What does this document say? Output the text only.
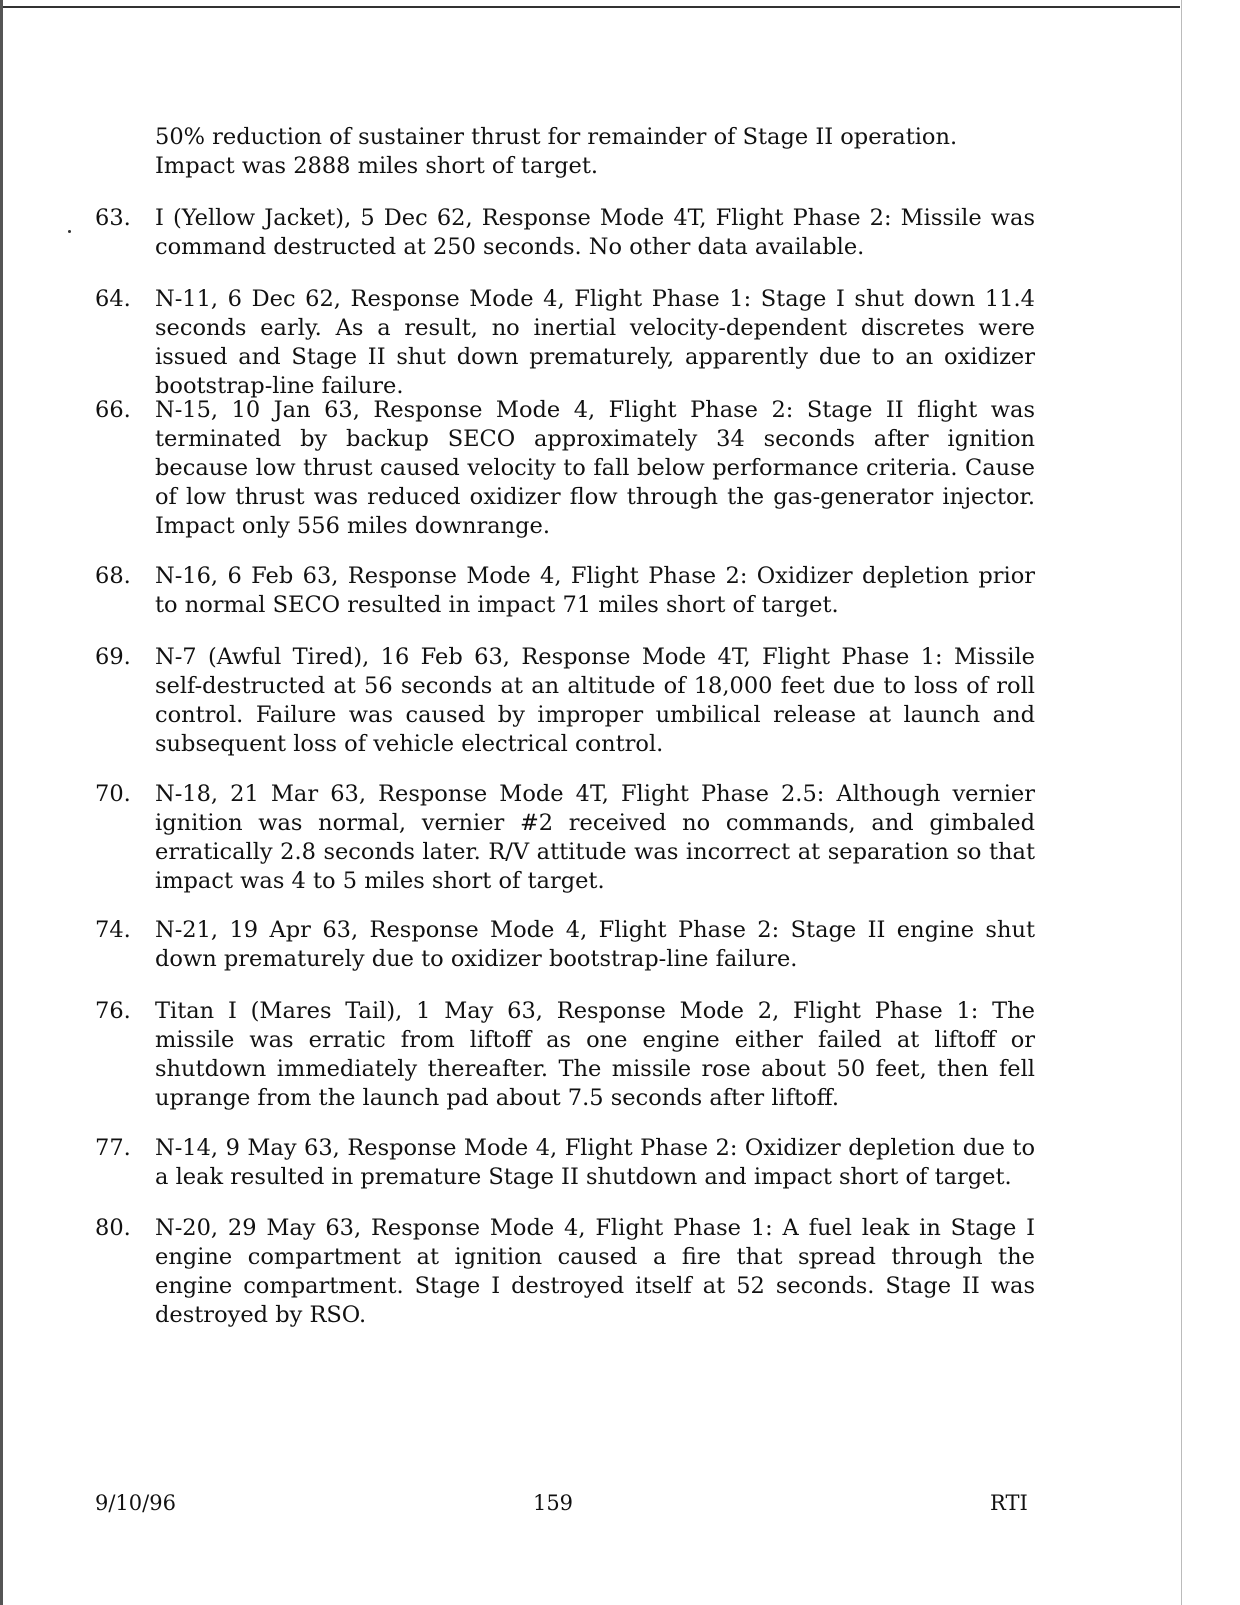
50% reduction of sustainer thrust for remainder of Stage II operation. Impact was 2888 miles short of target.
63.	I (Yellow Jacket), 5 Dec 62, Response Mode 4T, Flight Phase 2: Missile was command destructed at 250 seconds. No other data available.
64.	N-11, 6 Dec 62, Response Mode 4, Flight Phase 1: Stage I shut down 11.4 seconds early. As a result, no inertial velocity-dependent discretes were issued and Stage II shut down prematurely, apparently due to an oxidizer bootstrap-line failure.
66.	N-15, 10 Jan 63, Response Mode 4, Flight Phase 2: Stage II flight was terminated by backup SECO approximately 34 seconds after ignition because low thrust caused velocity to fall below performance criteria. Cause of low thrust was reduced oxidizer flow through the gas-generator injector. Impact only 556 miles downrange.
68.	N-16, 6 Feb 63, Response Mode 4, Flight Phase 2: Oxidizer depletion prior to normal SECO resulted in impact 71 miles short of target.
69.	N-7 (Awful Tired), 16 Feb 63, Response Mode 4T, Flight Phase 1: Missile self-destructed at 56 seconds at an altitude of 18,000 feet due to loss of roll control. Failure was caused by improper umbilical release at launch and subsequent loss of vehicle electrical control.
70.	N-18, 21 Mar 63, Response Mode 4T, Flight Phase 2.5: Although vernier ignition was normal, vernier #2 received no commands, and gimbaled erratically 2.8 seconds later. R/V attitude was incorrect at separation so that impact was 4 to 5 miles short of target.
74.	N-21, 19 Apr 63, Response Mode 4, Flight Phase 2: Stage II engine shut down prematurely due to oxidizer bootstrap-line failure.
76.	Titan I (Mares Tail), 1 May 63, Response Mode 2, Flight Phase 1: The missile was erratic from liftoff as one engine either failed at liftoff or shutdown immediately thereafter. The missile rose about 50 feet, then fell uprange from the launch pad about 7.5 seconds after liftoff.
77.	N-14, 9 May 63, Response Mode 4, Flight Phase 2: Oxidizer depletion due to a leak resulted in premature Stage II shutdown and impact short of target.
80.	N-20, 29 May 63, Response Mode 4, Flight Phase 1: A fuel leak in Stage I engine compartment at ignition caused a fire that spread through the engine compartment. Stage I destroyed itself at 52 seconds. Stage II was destroyed by RSO.
9/10/96	159	RTI
